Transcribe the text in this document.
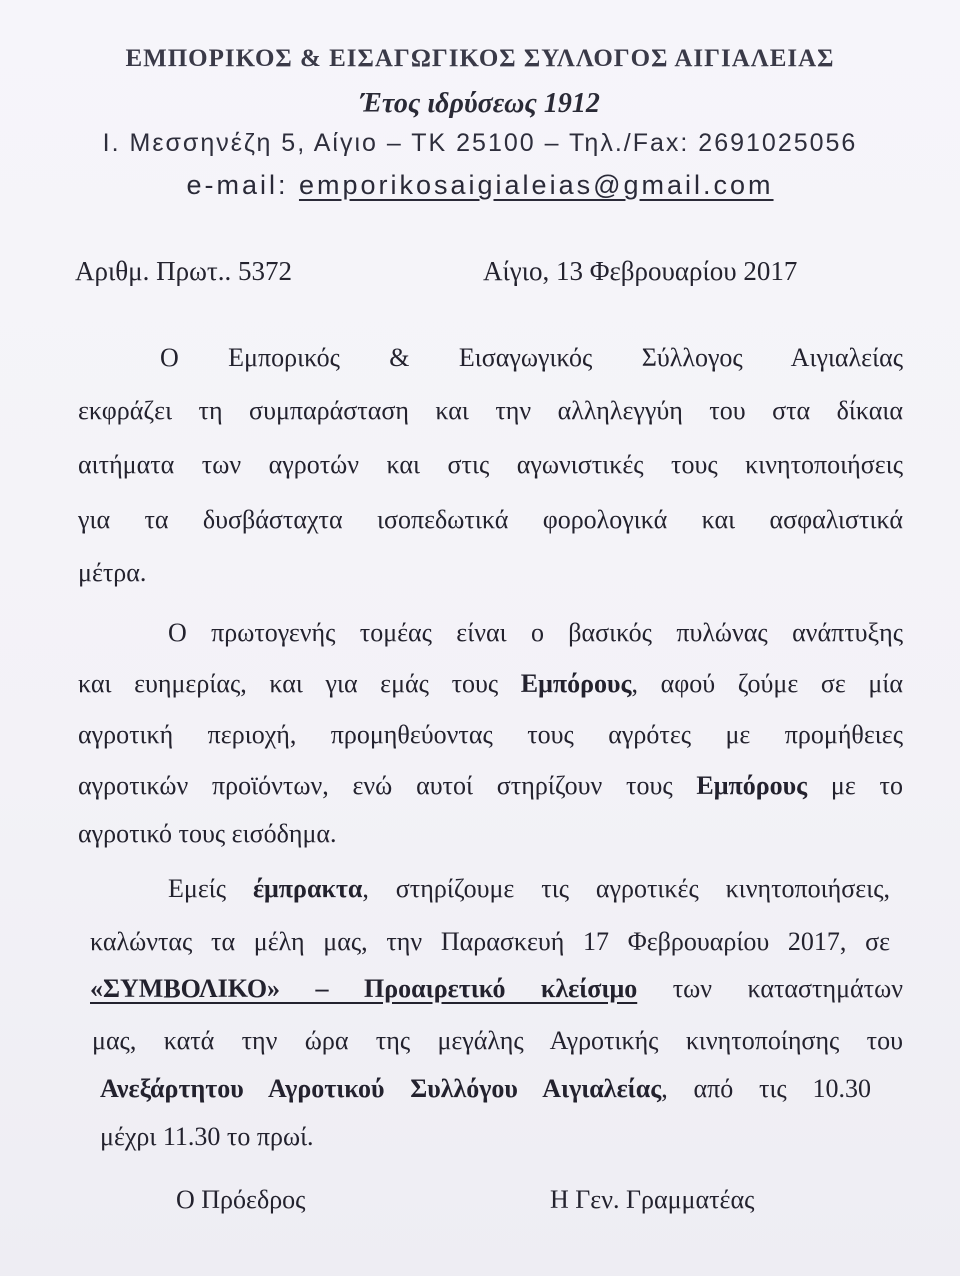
ΕΜΠΟΡΙΚΟΣ & ΕΙΣΑΓΩΓΙΚΟΣ ΣΥΛΛΟΓΟΣ ΑΙΓΙΑΛΕΙΑΣ
Έτος ιδρύσεως 1912
Ι. Μεσσηνέζη 5, Αίγιο – ΤΚ 25100 – Τηλ./Fax: 2691025056
e-mail: emporikosaigialeias@gmail.com
Αριθμ. Πρωτ.. 5372	Αίγιο, 13 Φεβρουαρίου 2017
Ο Εμπορικός & Εισαγωγικός Σύλλογος Αιγιαλείας
εκφράζει τη συμπαράσταση και την αλληλεγγύη του στα δίκαια
αιτήματα των αγροτών και στις αγωνιστικές τους κινητοποιήσεις
για τα δυσβάσταχτα ισοπεδωτικά φορολογικά και ασφαλιστικά
μέτρα.
Ο πρωτογενής τομέας είναι ο βασικός πυλώνας ανάπτυξης
και ευημερίας, και για εμάς τους Εμπόρους, αφού ζούμε σε μία
αγροτική περιοχή, προμηθεύοντας τους αγρότες με προμήθειες
αγροτικών προϊόντων, ενώ αυτοί στηρίζουν τους Εμπόρους με το
αγροτικό τους εισόδημα.
Εμείς έμπρακτα, στηρίζουμε τις αγροτικές κινητοποιήσεις,
καλώντας τα μέλη μας, την Παρασκευή 17 Φεβρουαρίου 2017, σε
«ΣΥΜΒΟΛΙΚΟ» – Προαιρετικό κλείσιμο των καταστημάτων
μας, κατά την ώρα της μεγάλης Αγροτικής κινητοποίησης του
Ανεξάρτητου Αγροτικού Συλλόγου Αιγιαλείας, από τις 10.30
μέχρι 11.30 το πρωί.
Ο Πρόεδρος	Η Γεν. Γραμματέας
